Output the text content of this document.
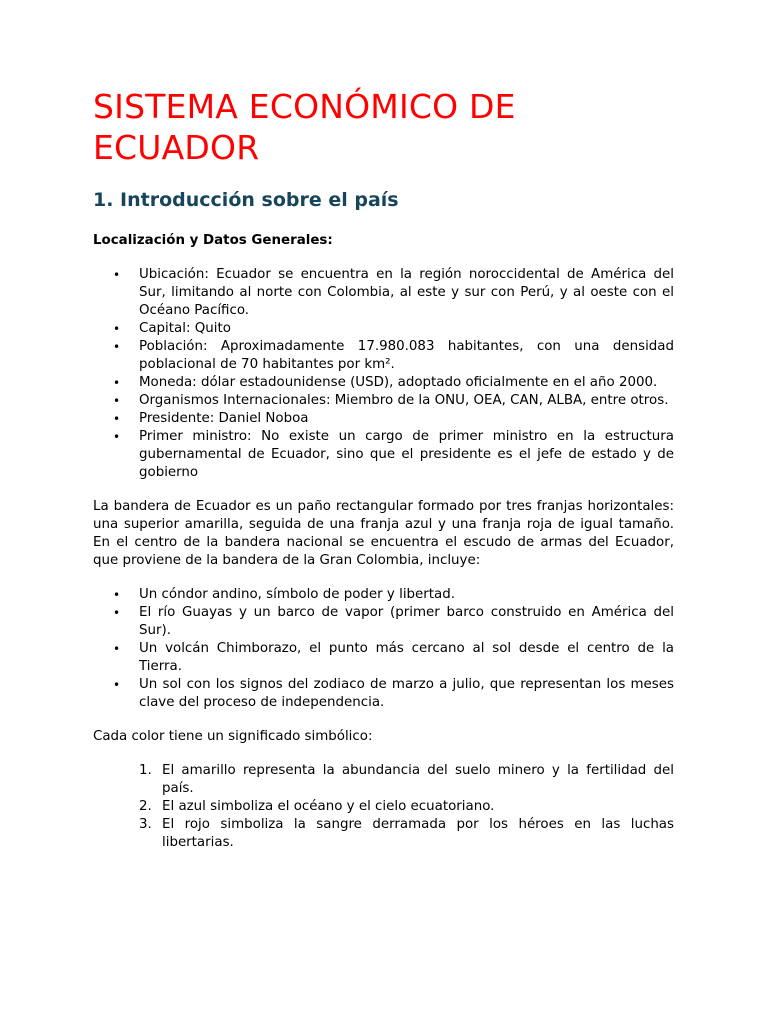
SISTEMA ECONÓMICO DE ECUADOR
1. Introducción sobre el país
Localización y Datos Generales:
• Ubicación: Ecuador se encuentra en la región noroccidental de América del Sur, limitando al norte con Colombia, al este y sur con Perú, y al oeste con el Océano Pacífico.
• Capital: Quito
• Población: Aproximadamente 17.980.083 habitantes, con una densidad poblacional de 70 habitantes por km².
• Moneda: dólar estadounidense (USD), adoptado oficialmente en el año 2000.
• Organismos Internacionales: Miembro de la ONU, OEA, CAN, ALBA, entre otros.
• Presidente: Daniel Noboa
• Primer ministro: No existe un cargo de primer ministro en la estructura gubernamental de Ecuador, sino que el presidente es el jefe de estado y de gobierno

La bandera de Ecuador es un paño rectangular formado por tres franjas horizontales: una superior amarilla, seguida de una franja azul y una franja roja de igual tamaño. En el centro de la bandera nacional se encuentra el escudo de armas del Ecuador, que proviene de la bandera de la Gran Colombia, incluye:

• Un cóndor andino, símbolo de poder y libertad.
• El río Guayas y un barco de vapor (primer barco construido en América del Sur).
• Un volcán Chimborazo, el punto más cercano al sol desde el centro de la Tierra.
• Un sol con los signos del zodiaco de marzo a julio, que representan los meses clave del proceso de independencia.

Cada color tiene un significado simbólico:

1. El amarillo representa la abundancia del suelo minero y la fertilidad del país.
2. El azul simboliza el océano y el cielo ecuatoriano.
3. El rojo simboliza la sangre derramada por los héroes en las luchas libertarias.
